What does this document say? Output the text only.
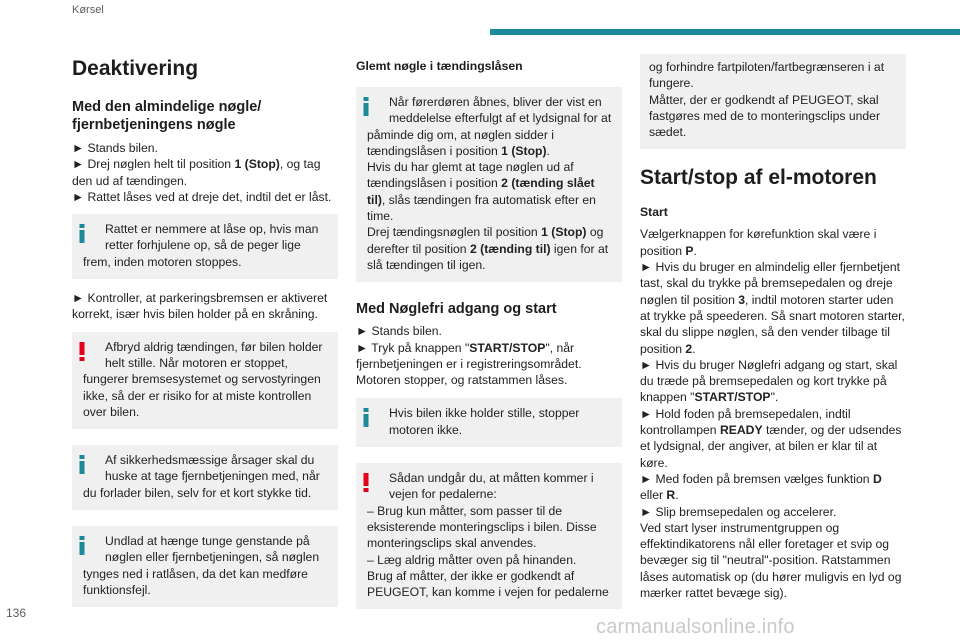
Kørsel
Deaktivering
Med den almindelige nøgle/ fjernbetjeningens nøgle

► Stands bilen.

► Drej nøglen helt til position 1 (Stop), og tag den ud af tændingen.

► Rattet låses ved at dreje det, indtil det er låst.

Rattet er nemmere at låse op, hvis man

retter forhjulene op, så de peger lige frem, inden motoren stoppes.

► Kontroller, at parkeringsbremsen er aktiveret korrekt, især hvis bilen holder på en skråning.

Afbryd aldrig tændingen, før bilen holder

helt stille. Når motoren er stoppet, fungerer bremsesystemet og servostyringen ikke, så der er risiko for at miste kontrollen over bilen.

Af sikkerhedsmæssige årsager skal du

huske at tage fjernbetjeningen med, når du forlader bilen, selv for et kort stykke tid.

Undlad at hænge tunge genstande på

nøglen eller fjernbetjeningen, så nøglen tynges ned i ratlåsen, da det kan medføre funktionsfejl.

Glemt nøgle i tændingslåsen

Når førerdøren åbnes, bliver der vist en

meddelelse efterfulgt af et lydsignal for at påminde dig om, at nøglen sidder i tændingslåsen i position 1 (Stop).

Hvis du har glemt at tage nøglen ud af tændingslåsen i position 2 (tænding slået til), slås tændingen fra automatisk efter en time.

Drej tændingsnøglen til position 1 (Stop) og derefter til position 2 (tænding til) igen for at slå tændingen til igen.

Med Nøglefri adgang og start

► Stands bilen.

► Tryk på knappen "START/STOP", når fjernbetjeningen er i registreringsområdet.

Motoren stopper, og ratstammen låses.

Hvis bilen ikke holder stille, stopper

motoren ikke.

Sådan undgår du, at måtten kommer i

vejen for pedalerne:

– Brug kun måtter, som passer til de eksisterende monteringsclips i bilen. Disse monteringsclips skal anvendes.

– Læg aldrig måtter oven på hinanden.

Brug af måtter, der ikke er godkendt af PEUGEOT, kan komme i vejen for pedalerne

og forhindre fartpiloten/fartbegrænseren i at fungere.

Måtter, der er godkendt af PEUGEOT, skal fastgøres med de to monteringsclips under sædet.

Start/stop af el-motoren
Start

Vælgerknappen for kørefunktion skal være i position P.

► Hvis du bruger en almindelig eller fjernbetjent tast, skal du trykke på bremsepedalen og dreje nøglen til position 3, indtil motoren starter uden at trykke på speederen. Så snart motoren starter, skal du slippe nøglen, så den vender tilbage til position 2.

► Hvis du bruger Nøglefri adgang og start, skal du træde på bremsepedalen og kort trykke på knappen "START/STOP".

► Hold foden på bremsepedalen, indtil kontrollampen READY tænder, og der udsendes et lydsignal, der angiver, at bilen er klar til at køre.

► Med foden på bremsen vælges funktion D eller R.

► Slip bremsepedalen og accelerer.

Ved start lyser instrumentgruppen og effektindikatorens nål eller foretager et svip og bevæger sig til "neutral"-position. Ratstammen låses automatisk op (du hører muligvis en lyd og mærker rattet bevæge sig).

136
carmanualsonline.info
